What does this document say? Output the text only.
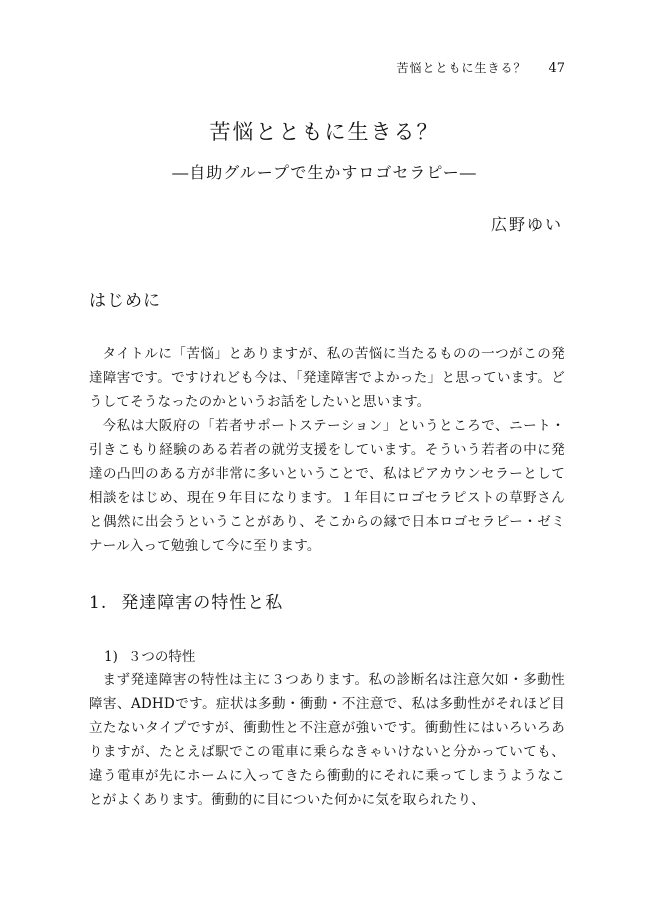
苦悩とともに生きる？ 47
苦悩とともに生きる？
―自助グループで生かすロゴセラピー―
広野ゆい
はじめに

タイトルに「苦悩」とありますが、私の苦悩に当たるものの一つがこの発達障害です。ですけれども今は、「発達障害でよかった」と思っています。どうしてそうなったのかというお話をしたいと思います。

今私は大阪府の「若者サポートステーション」というところで、ニート・引きこもり経験のある若者の就労支援をしています。そういう若者の中に発達の凸凹のある方が非常に多いということで、私はピアカウンセラーとして相談をはじめ、現在９年目になります。１年目にロゴセラピストの草野さんと偶然に出会うということがあり、そこからの縁で日本ロゴセラピー・ゼミナール入って勉強して今に至ります。

1. 発達障害の特性と私
1) ３つの特性

まず発達障害の特性は主に３つあります。私の診断名は注意欠如・多動性障害、ADHDです。症状は多動・衝動・不注意で、私は多動性がそれほど目立たないタイプですが、衝動性と不注意が強いです。衝動性にはいろいろありますが、たとえば駅でこの電車に乗らなきゃいけないと分かっていても、違う電車が先にホームに入ってきたら衝動的にそれに乗ってしまうようなことがよくあります。衝動的に目についた何かに気を取られたり、
